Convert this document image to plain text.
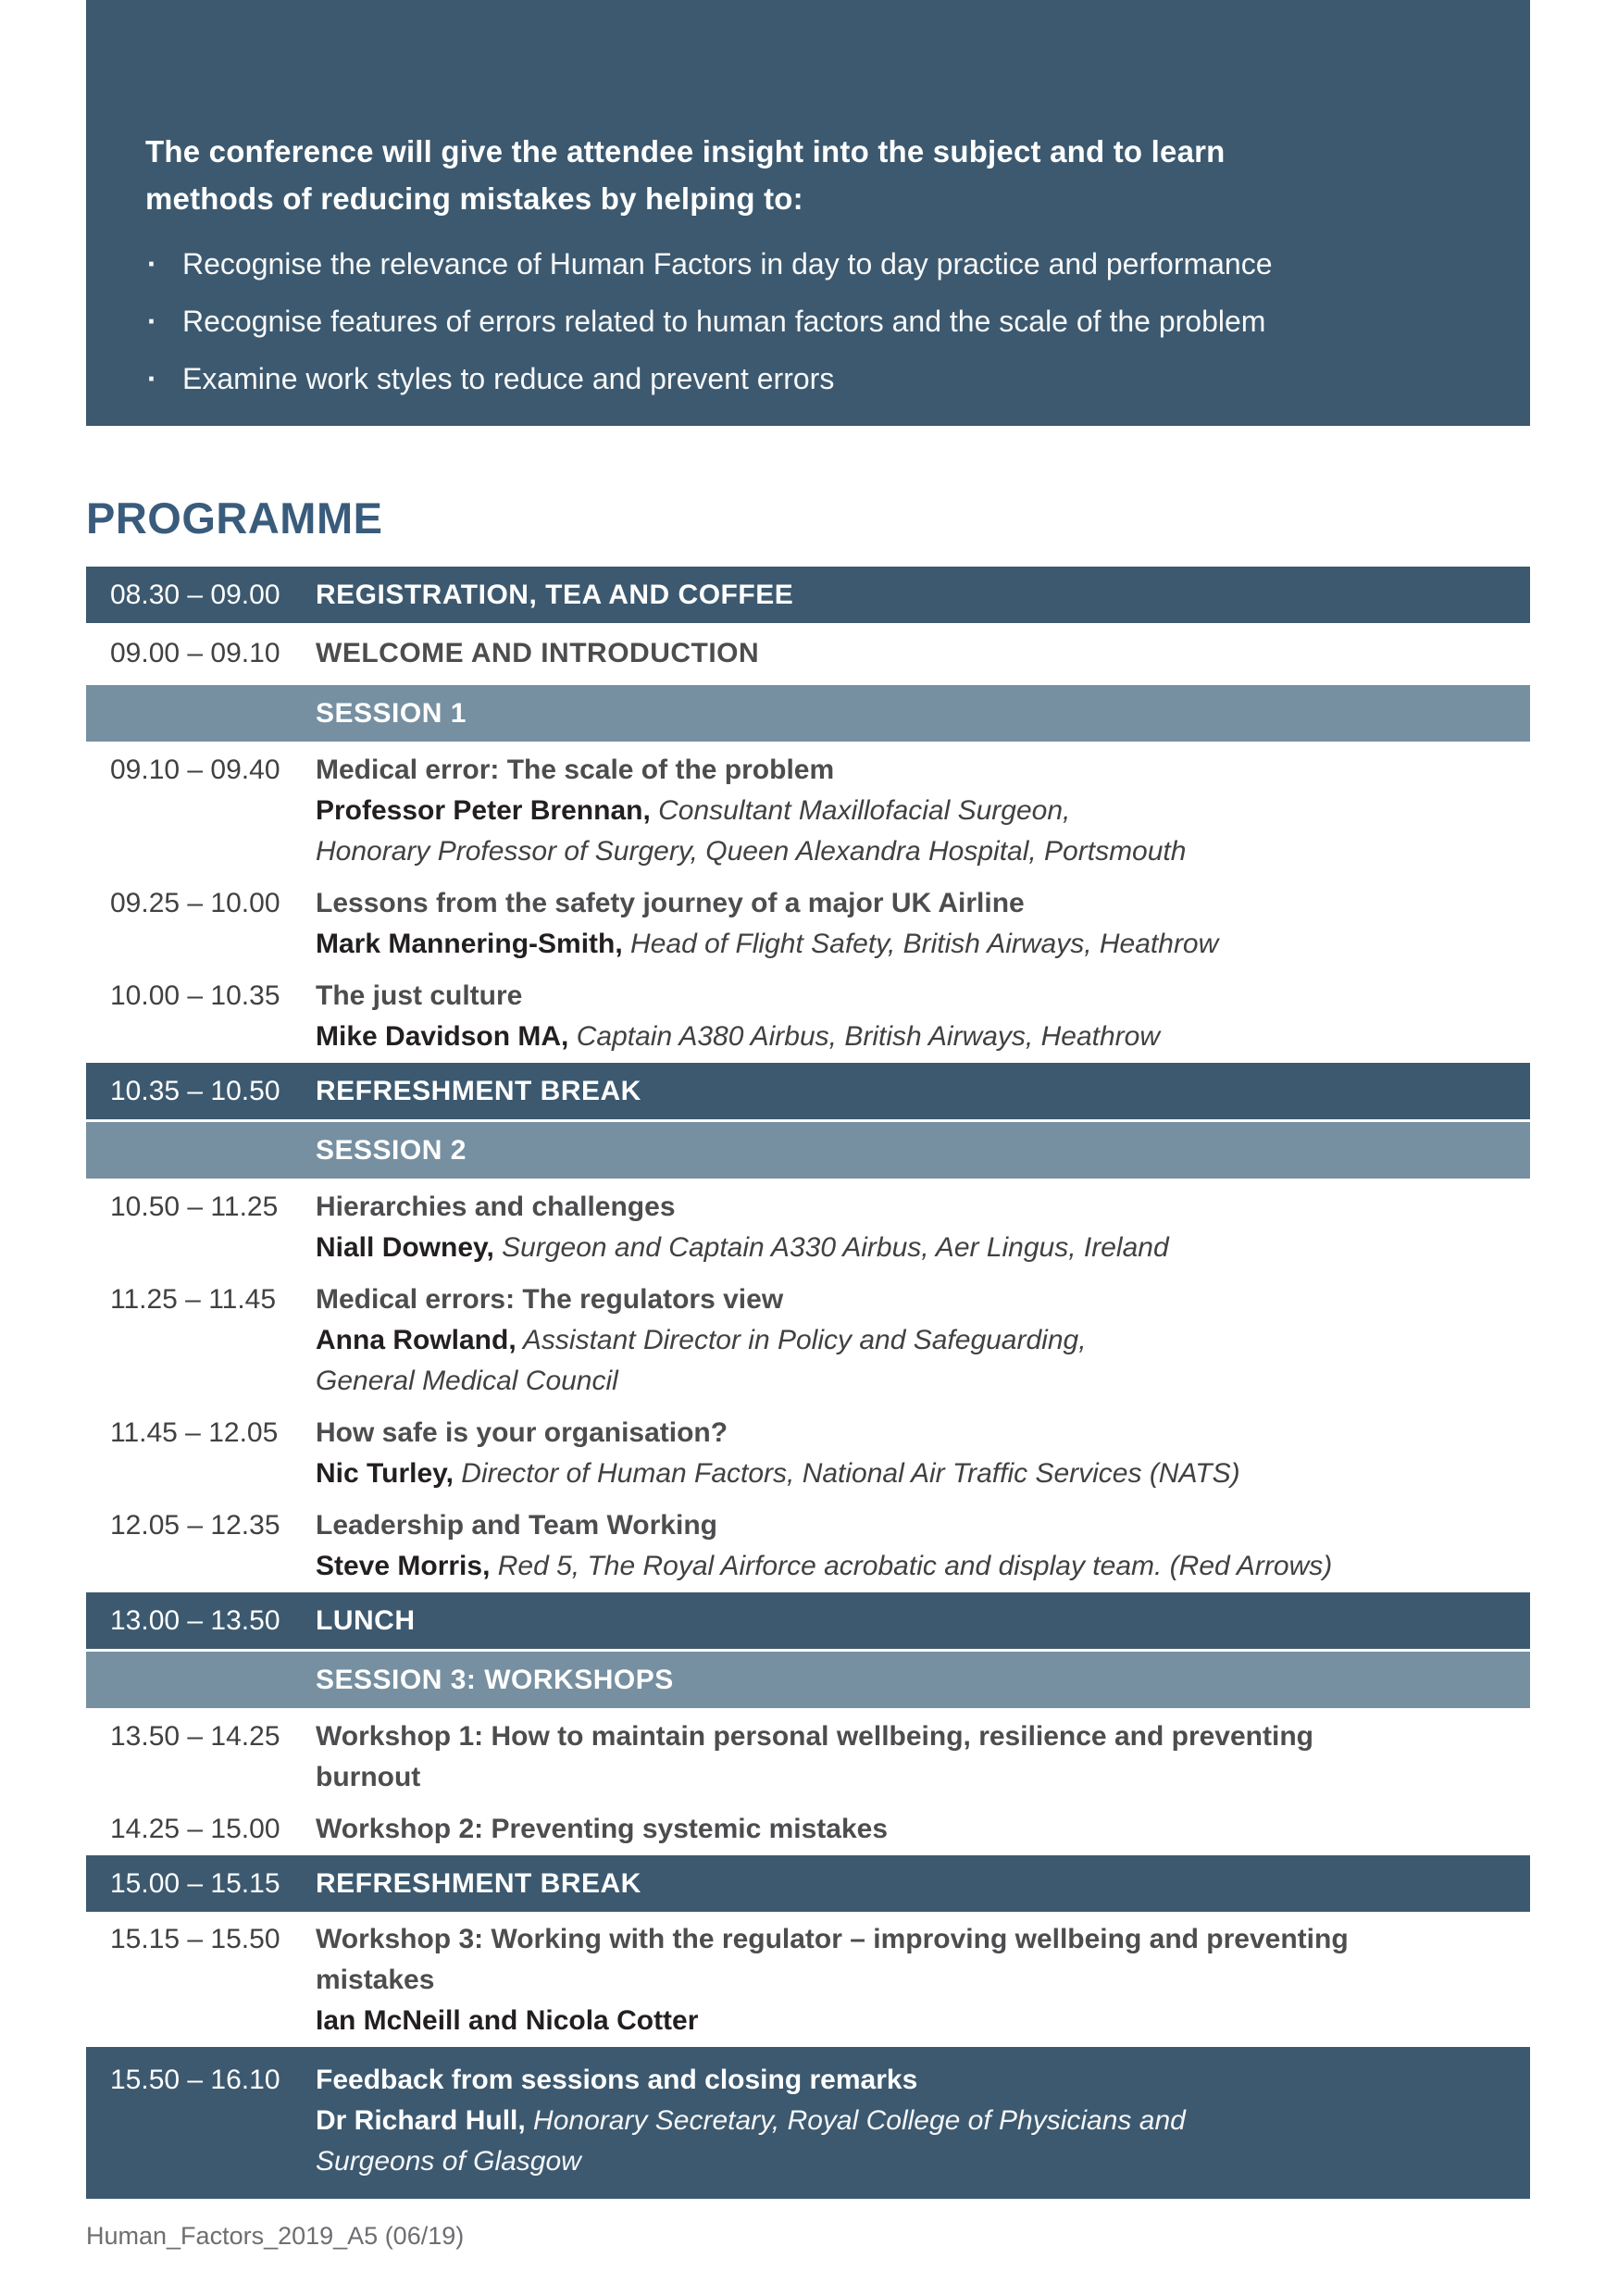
The conference will give the attendee insight into the subject and to learn methods of reducing mistakes by helping to:

· Recognise the relevance of Human Factors in day to day practice and performance
· Recognise features of errors related to human factors and the scale of the problem
· Examine work styles to reduce and prevent errors
PROGRAMME
08.30 – 09.00	REGISTRATION, TEA AND COFFEE
09.00 – 09.10	WELCOME AND INTRODUCTION
SESSION 1
09.10 – 09.40	Medical error: The scale of the problem
Professor Peter Brennan, Consultant Maxillofacial Surgeon,
Honorary Professor of Surgery, Queen Alexandra Hospital, Portsmouth
09.25 – 10.00	Lessons from the safety journey of a major UK Airline
Mark Mannering-Smith, Head of Flight Safety, British Airways, Heathrow
10.00 – 10.35	The just culture
Mike Davidson MA, Captain A380 Airbus, British Airways, Heathrow
10.35 – 10.50	REFRESHMENT BREAK
SESSION 2
10.50 – 11.25	Hierarchies and challenges
Niall Downey, Surgeon and Captain A330 Airbus, Aer Lingus, Ireland
11.25 – 11.45	Medical errors: The regulators view
Anna Rowland, Assistant Director in Policy and Safeguarding,
General Medical Council
11.45 – 12.05	How safe is your organisation?
Nic Turley, Director of Human Factors, National Air Traffic Services (NATS)
12.05 – 12.35	Leadership and Team Working
Steve Morris, Red 5, The Royal Airforce acrobatic and display team. (Red Arrows)
13.00 – 13.50	LUNCH
SESSION 3: WORKSHOPS
13.50 – 14.25	Workshop 1: How to maintain personal wellbeing, resilience and preventing burnout
14.25 – 15.00	Workshop 2: Preventing systemic mistakes
15.00 – 15.15	REFRESHMENT BREAK
15.15 – 15.50	Workshop 3: Working with the regulator – improving wellbeing and preventing mistakes
Ian McNeill and Nicola Cotter
15.50 – 16.10	Feedback from sessions and closing remarks
Dr Richard Hull, Honorary Secretary, Royal College of Physicians and
Surgeons of Glasgow
Human_Factors_2019_A5 (06/19)
